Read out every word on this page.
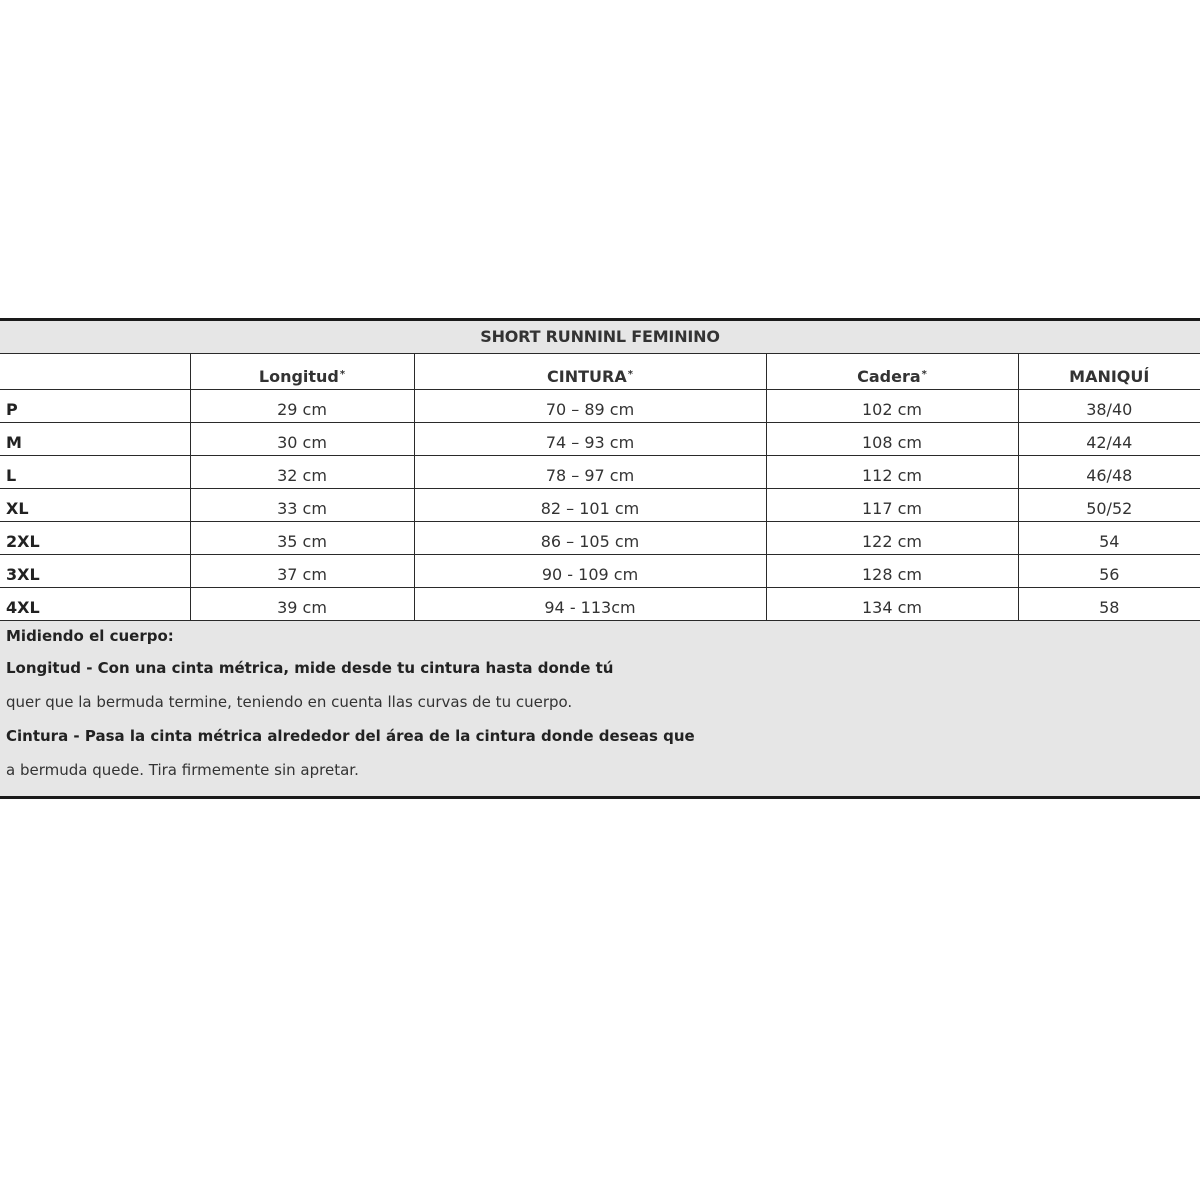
SHORT RUNNINL FEMININO
	Longitud*	CINTURA*	Cadera*	MANIQUÍ
P	29 cm	70 – 89 cm	102 cm	38/40
M	30 cm	74 – 93 cm	108 cm	42/44
L	32 cm	78 – 97 cm	112 cm	46/48
XL	33 cm	82 – 101 cm	117 cm	50/52
2XL	35 cm	86 – 105 cm	122 cm	54
3XL	37 cm	90 - 109 cm	128 cm	56
4XL	39 cm	94 - 113cm	134 cm	58
Midiendo el cuerpo:
Longitud - Con una cinta métrica, mide desde tu cintura hasta donde tú
quer que la bermuda termine, teniendo en cuenta llas curvas de tu cuerpo.
Cintura - Pasa la cinta métrica alrededor del área de la cintura donde deseas que
a bermuda quede. Tira firmemente sin apretar.
